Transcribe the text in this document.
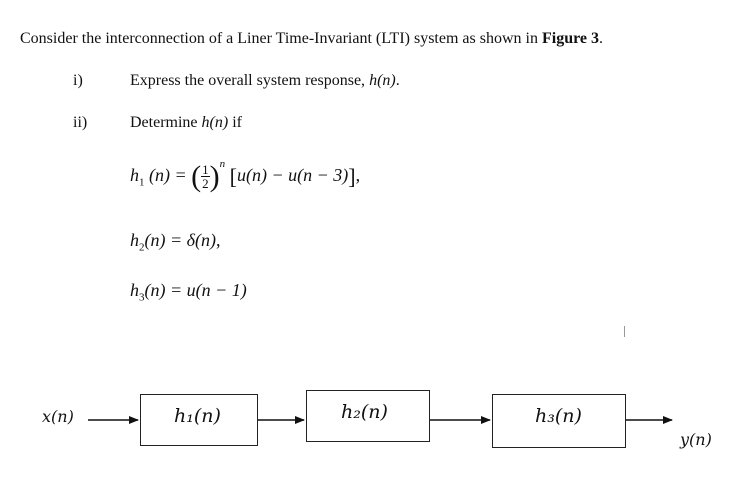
Consider the interconnection of a Liner Time-Invariant (LTI) system as shown in Figure 3.
i)	Express the overall system response, h(n).
ii)	Determine h(n) if
$h_1$ (n) = ( $\frac{1}{2} )^n$ [u(n) − u(n − 3)],
$h_2(n) = \delta(n)$,
$h_3(n) = u(n - 1)$
x(n)
y(n)
h₁(n)	h₂(n)	h₃(n)
